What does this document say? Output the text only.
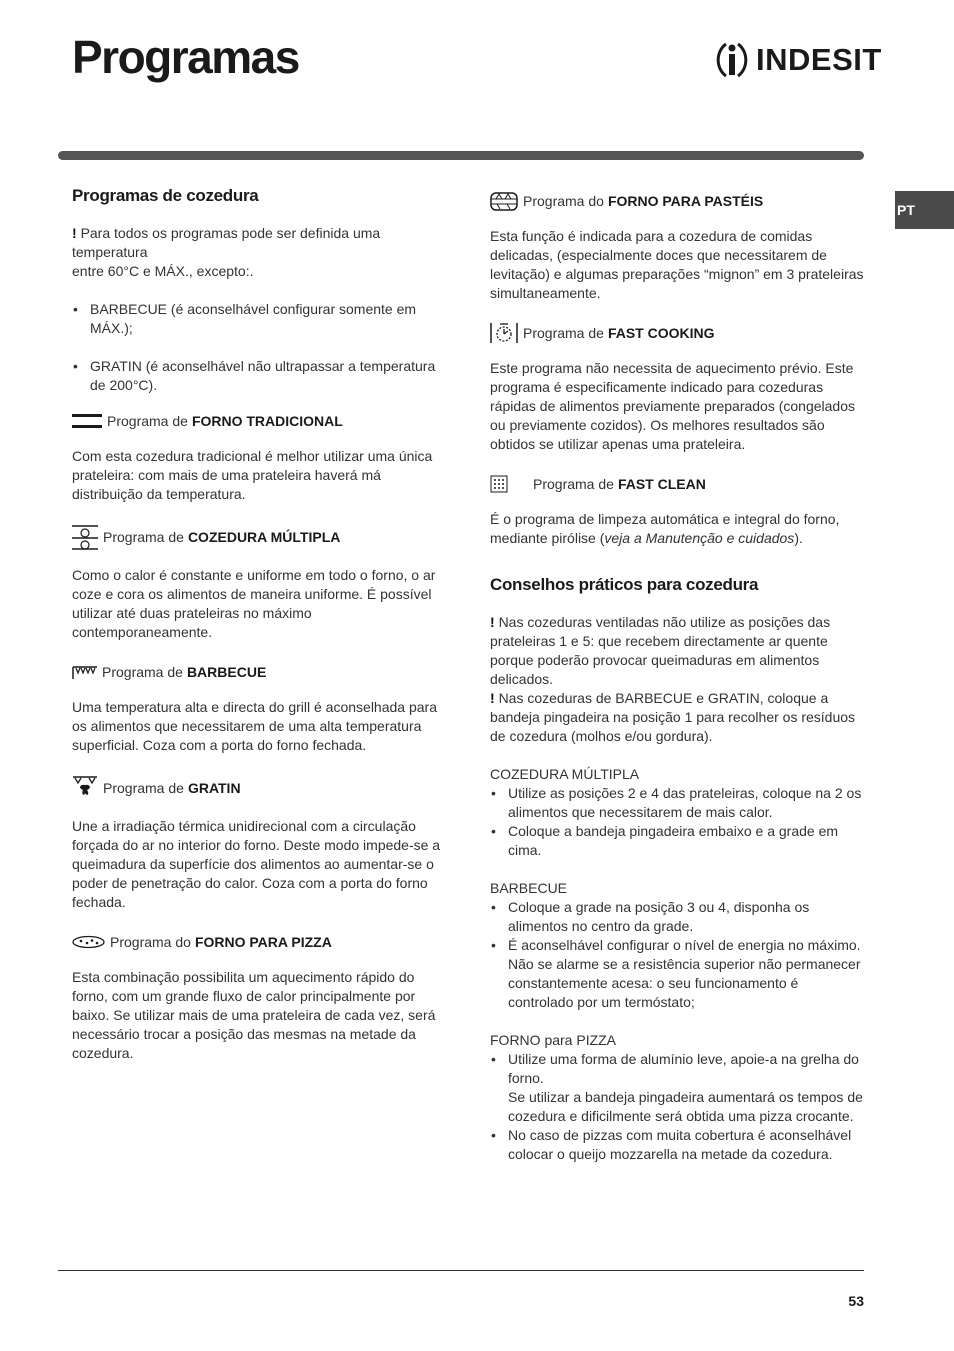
Programas	INDESIT
PT
Programas de cozedura

! Para todos os programas pode ser definida uma temperatura

entre 60°C e MÁX., excepto:.

• BARBECUE (é aconselhável configurar somente em MÁX.);
• GRATIN (é aconselhável não ultrapassar a temperatura de 200°C).
Programa de FORNO TRADICIONAL

Com esta cozedura tradicional é melhor utilizar uma única prateleira: com mais de uma prateleira haverá má distribuição da temperatura.

Programa de COZEDURA MÚLTIPLA

Como o calor é constante e uniforme em todo o forno, o ar coze e cora os alimentos de maneira uniforme. É possível utilizar até duas prateleiras no máximo contemporaneamente.

Programa de BARBECUE

Uma temperatura alta e directa do grill é aconselhada para os alimentos que necessitarem de uma alta temperatura superficial. Coza com a porta do forno fechada.

Programa de GRATIN

Une a irradiação térmica unidirecional com a circulação forçada do ar no interior do forno. Deste modo impede-se a queimadura da superfície dos alimentos ao aumentar-se o poder de penetração do calor. Coza com a porta do forno fechada.

Programa do FORNO PARA PIZZA

Esta combinação possibilita um aquecimento rápido do forno, com um grande fluxo de calor principalmente por baixo. Se utilizar mais de uma prateleira de cada vez, será necessário trocar a posição das mesmas na metade da cozedura.

Programa do FORNO PARA PASTÉIS

Esta função é indicada para a cozedura de comidas delicadas, (especialmente doces que necessitarem de levitação) e algumas preparações “mignon” em 3 prateleiras simultaneamente.

Programa de FAST COOKING

Este programa não necessita de aquecimento prévio. Este programa é especificamente indicado para cozeduras rápidas de alimentos previamente preparados (congelados ou previamente cozidos). Os melhores resultados são obtidos se utilizar apenas uma prateleira.

Programa de FAST CLEAN

É o programa de limpeza automática e integral do forno, mediante pirólise (veja a Manutenção e cuidados).

Conselhos práticos para cozedura

! Nas cozeduras ventiladas não utilize as posições das prateleiras 1 e 5: que recebem directamente ar quente porque poderão provocar queimaduras em alimentos delicados.

! Nas cozeduras de BARBECUE e GRATIN, coloque a bandeja pingadeira na posição 1 para recolher os resíduos de cozedura (molhos e/ou gordura).

COZEDURA MÚLTIPLA

• Utilize as posições 2 e 4 das prateleiras, coloque na 2 os alimentos que necessitarem de mais calor.
• Coloque a bandeja pingadeira embaixo e a grade em cima.

BARBECUE

• Coloque a grade na posição 3 ou 4, disponha os alimentos no centro da grade.
• É aconselhável configurar o nível de energia no máximo. Não se alarme se a resistência superior não permanecer constantemente acesa: o seu funcionamento é controlado por um termóstato;

FORNO para PIZZA

• Utilize uma forma de alumínio leve, apoie-a na grelha do forno.
Se utilizar a bandeja pingadeira aumentará os tempos de cozedura e dificilmente será obtida uma pizza crocante.
• No caso de pizzas com muita cobertura é aconselhável colocar o queijo mozzarella na metade da cozedura.
53
